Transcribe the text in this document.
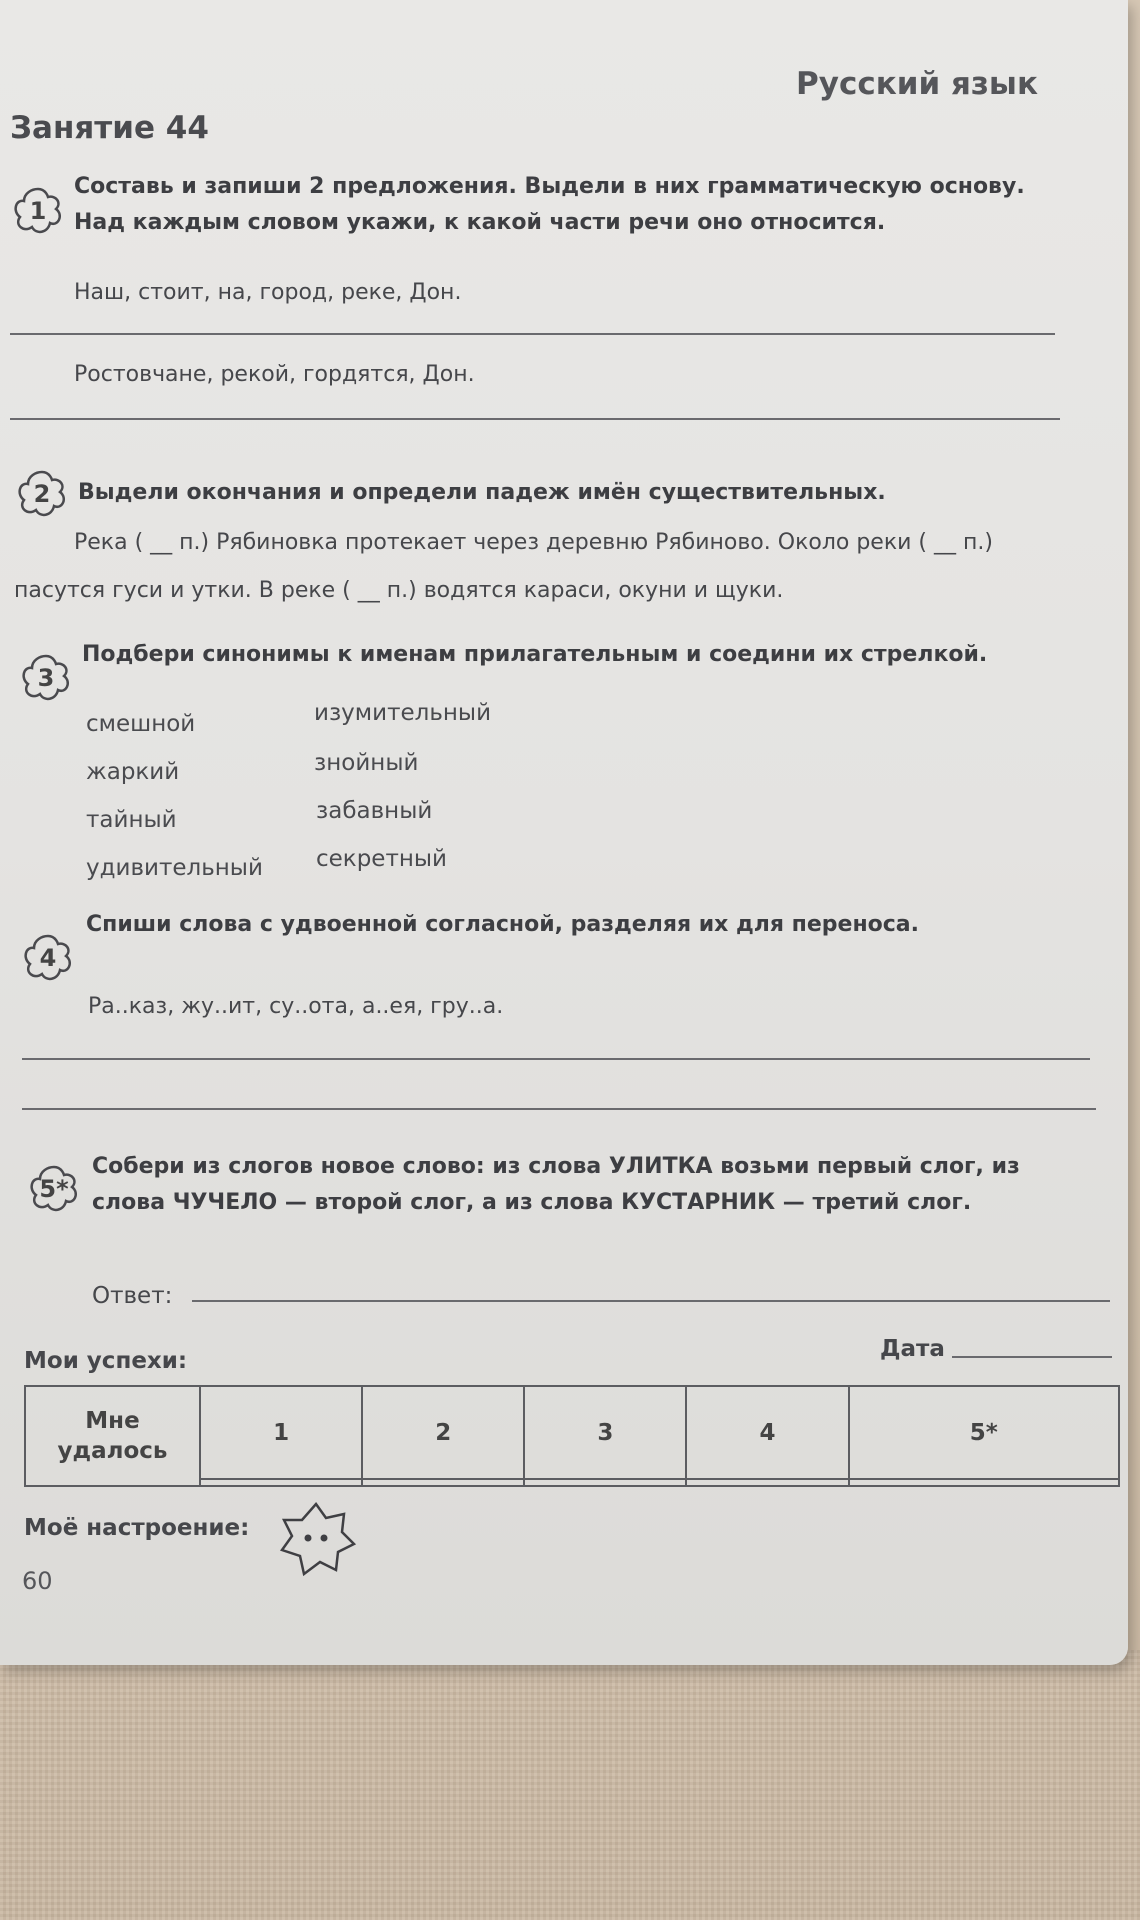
Русский язык
Занятие 44
1
Составь и запиши 2 предложения. Выдели в них грамматическую основу.
Над каждым словом укажи, к какой части речи оно относится.
Наш, стоит, на, город, реке, Дон.
Ростовчане, рекой, гордятся, Дон.
2	Выдели окончания и определи падеж имён существительных.
Река ( __ п.) Рябиновка протекает через деревню Рябиново. Около реки ( __ п.)
пасутся гуси и утки. В реке ( __ п.) водятся караси, окуни и щуки.
3
Подбери синонимы к именам прилагательным и соедини их стрелкой.
смешной
жаркий
тайный
удивительный
изумительный
знойный
забавный
секретный
4
Спиши слова с удвоенной согласной, разделяя их для переноса.
Ра..каз, жу..ит, су..ота, а..ея, гру..а.
5*
Собери из слогов новое слово: из слова УЛИТКА возьми первый слог, из
слова ЧУЧЕЛО — второй слог, а из слова КУСТАРНИК — третий слог.
Ответ:
Мои успехи:	Дата
Мне
удалось	1	2	3	4	5*

Моё настроение:
60
